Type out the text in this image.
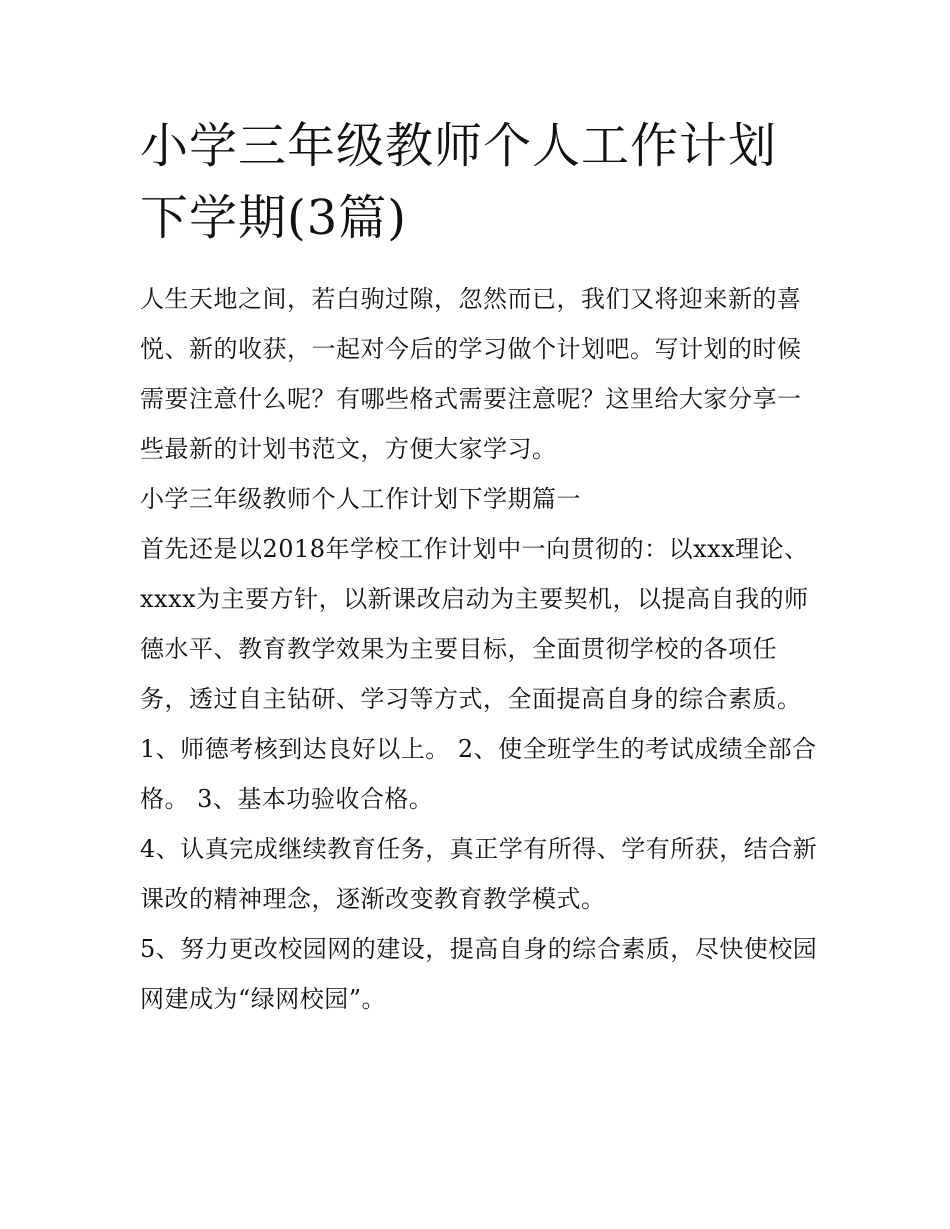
小学三年级教师个人工作计划下学期(3篇)

人生天地之间，若白驹过隙，忽然而已，我们又将迎来新的喜悦、新的收获，一起对今后的学习做个计划吧。写计划的时候需要注意什么呢？有哪些格式需要注意呢？这里给大家分享一些最新的计划书范文，方便大家学习。

小学三年级教师个人工作计划下学期篇一

首先还是以2018年学校工作计划中一向贯彻的：以xxx理论、xxxx为主要方针，以新课改启动为主要契机，以提高自我的师德水平、教育教学效果为主要目标，全面贯彻学校的各项任务，透过自主钻研、学习等方式，全面提高自身的综合素质。

1、师德考核到达良好以上。 2、使全班学生的考试成绩全部合格。 3、基本功验收合格。

4、认真完成继续教育任务，真正学有所得、学有所获，结合新课改的精神理念，逐渐改变教育教学模式。

5、努力更改校园网的建设，提高自身的综合素质，尽快使校园网建成为“绿网校园”。
